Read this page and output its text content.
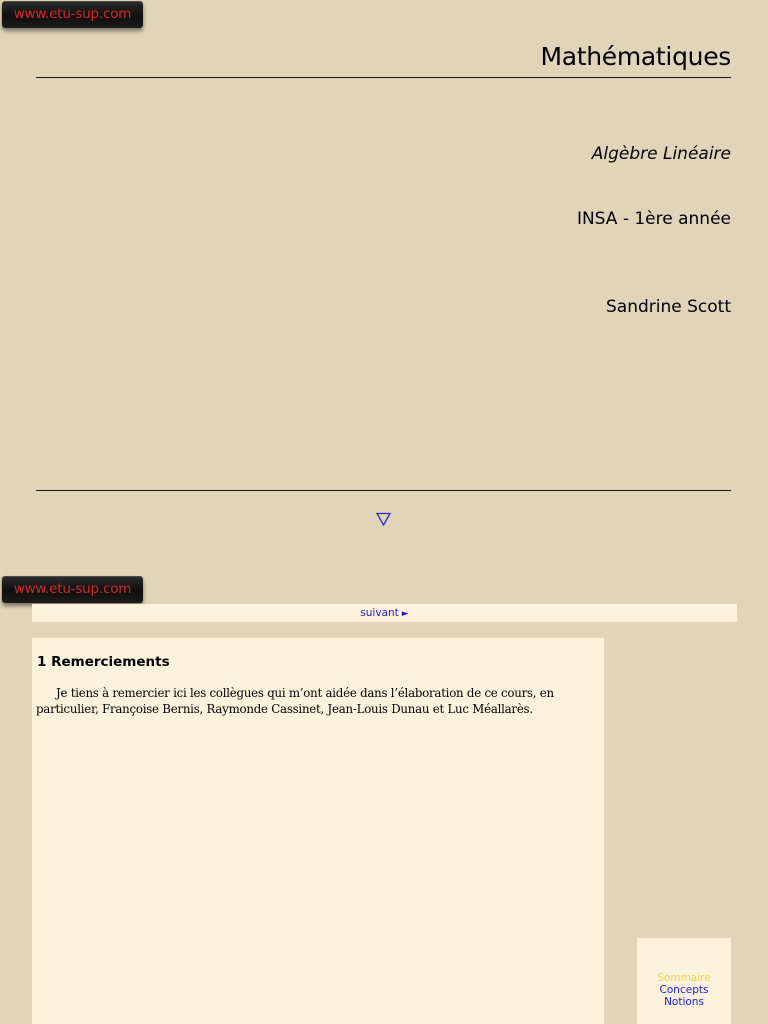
www.etu-sup.com
Mathématiques
Algèbre Linéaire
INSA - 1ère année
Sandrine Scott
www.etu-sup.com
suivant ►
1 Remerciements
Je tiens à remercier ici les collègues qui m’ont aidée dans l’élaboration de ce cours, en particulier, Françoise Bernis, Raymonde Cassinet, Jean-Louis Dunau et Luc Méallarès.
Sommaire
Concepts
Notions
